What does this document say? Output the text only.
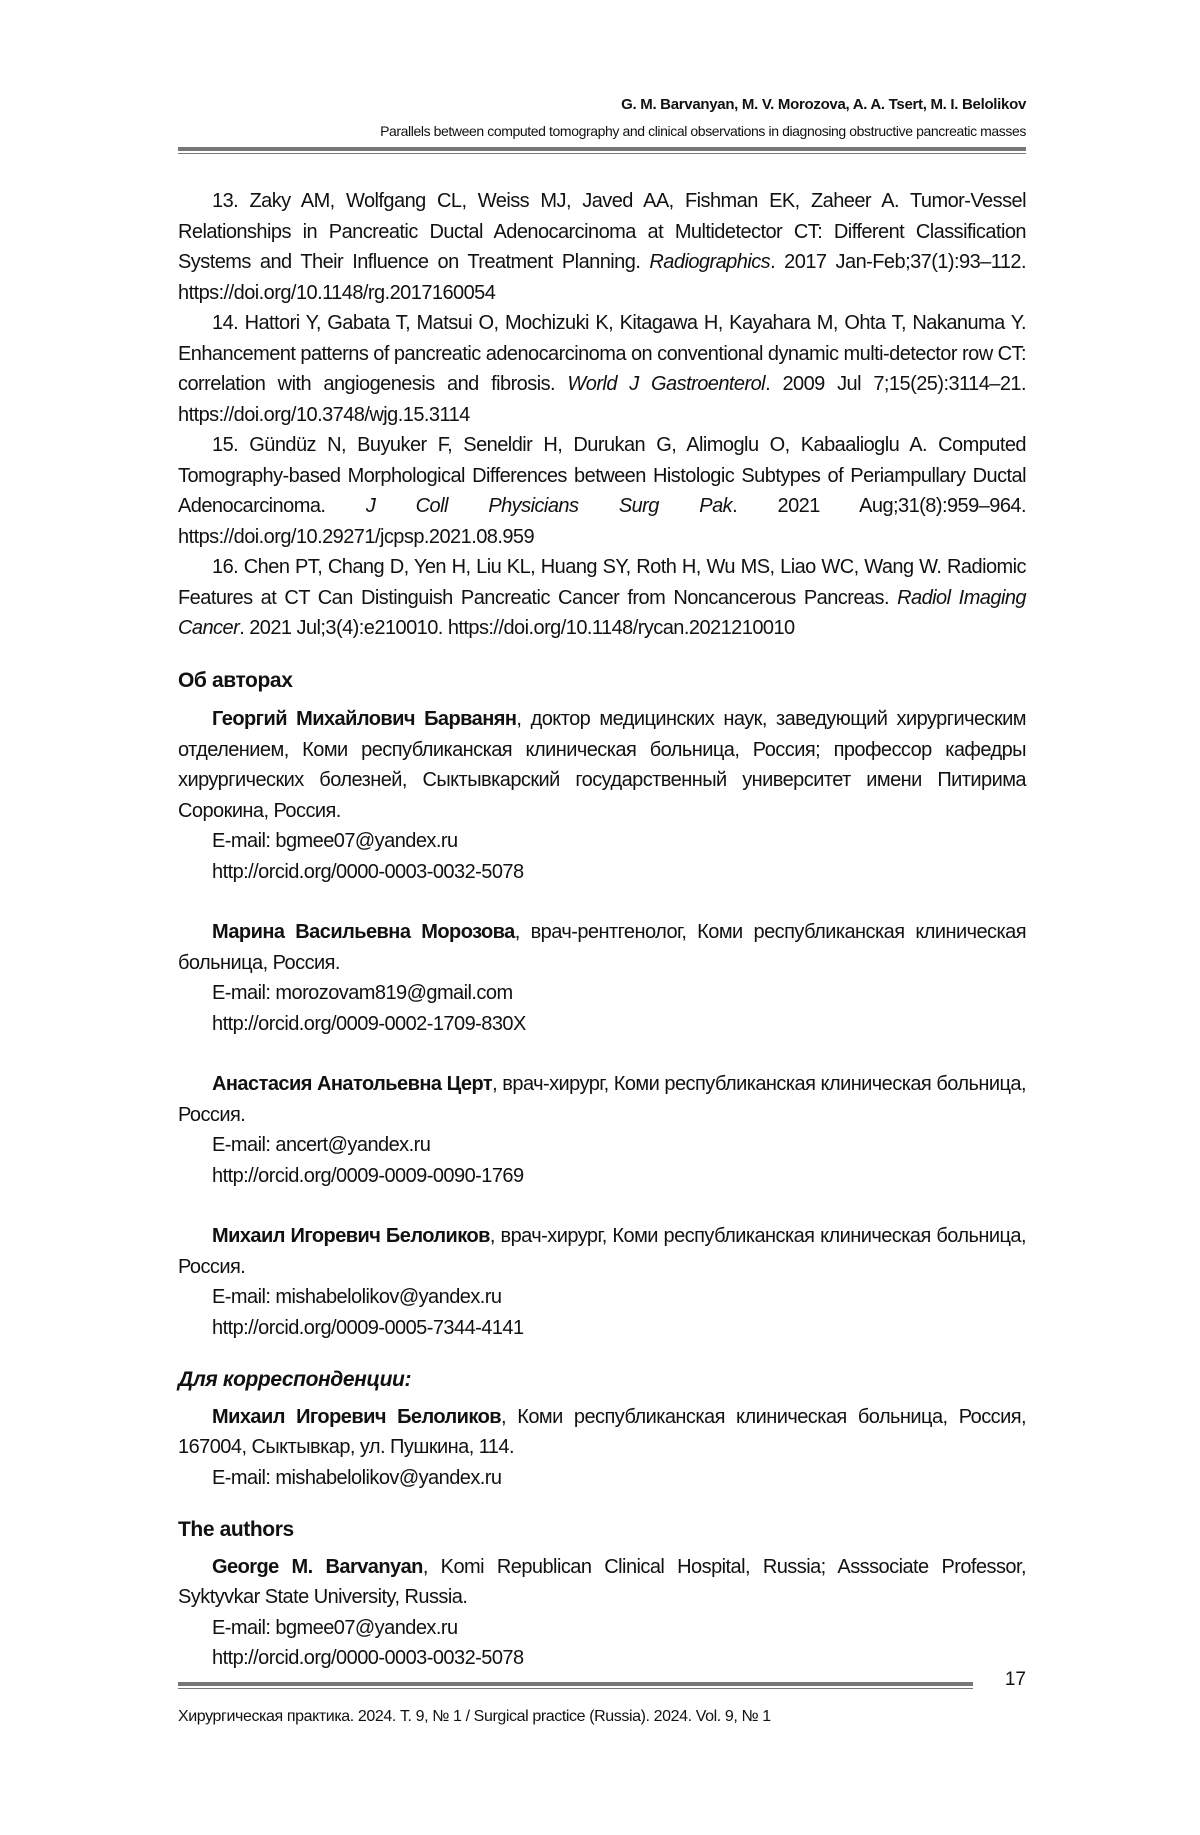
G. M. Barvanyan, M. V. Morozova, A. A. Tsert, M. I. Belolikov
Parallels between computed tomography and clinical observations in diagnosing obstructive pancreatic masses

13. Zaky AM, Wolfgang CL, Weiss MJ, Javed AA, Fishman EK, Zaheer A. Tumor-Vessel Relationships in Pancreatic Ductal Adenocarcinoma at Multidetector CT: Different Classification Systems and Their Influence on Treatment Planning. Radiographics. 2017 Jan-Feb;37(1):93–112. https://doi.org/10.1148/rg.2017160054

14. Hattori Y, Gabata T, Matsui O, Mochizuki K, Kitagawa H, Kayahara M, Ohta T, Nakanuma Y. Enhancement patterns of pancreatic adenocarcinoma on conventional dynamic multi-detector row CT: correlation with angiogenesis and fibrosis. World J Gastroenterol. 2009 Jul 7;15(25):3114–21. https://doi.org/10.3748/wjg.15.3114

15. Gündüz N, Buyuker F, Seneldir H, Durukan G, Alimoglu O, Kabaalioglu A. Computed Tomography-based Morphological Differences between Histologic Subtypes of Periampullary Ductal Adenocarcinoma. J Coll Physicians Surg Pak. 2021 Aug;31(8):959–964. https://doi.org/10.29271/jcpsp.2021.08.959

16. Chen PT, Chang D, Yen H, Liu KL, Huang SY, Roth H, Wu MS, Liao WC, Wang W. Radiomic Features at CT Can Distinguish Pancreatic Cancer from Noncancerous Pancreas. Radiol Imaging Cancer. 2021 Jul;3(4):e210010. https://doi.org/10.1148/rycan.2021210010

Об авторах

Георгий Михайлович Барванян, доктор медицинских наук, заведующий хирургическим отделением, Коми республиканская клиническая больница, Россия; профессор кафедры хирургических болезней, Сыктывкарский государственный университет имени Питирима Сорокина, Россия.

E-mail: bgmee07@yandex.ru

http://orcid.org/0000-0003-0032-5078

Марина Васильевна Морозова, врач-рентгенолог, Коми республиканская клиническая больница, Россия.

E-mail: morozovam819@gmail.com

http://orcid.org/0009-0002-1709-830X

Анастасия Анатольевна Церт, врач-хирург, Коми республиканская клиническая больница, Россия.

E-mail: ancert@yandex.ru

http://orcid.org/0009-0009-0090-1769

Михаил Игоревич Белоликов, врач-хирург, Коми республиканская клиническая больница, Россия.

E-mail: mishabelolikov@yandex.ru

http://orcid.org/0009-0005-7344-4141

Для корреспонденции:

Михаил Игоревич Белоликов, Коми республиканская клиническая больница, Россия, 167004, Сыктывкар, ул. Пушкина, 114.

E-mail: mishabelolikov@yandex.ru

The authors

George M. Barvanyan, Komi Republican Clinical Hospital, Russia; Asssociate Professor, Syktyvkar State University, Russia.

E-mail: bgmee07@yandex.ru

http://orcid.org/0000-0003-0032-5078

17
Хирургическая практика. 2024. Т. 9, № 1 / Surgical practice (Russia). 2024. Vol. 9, № 1
